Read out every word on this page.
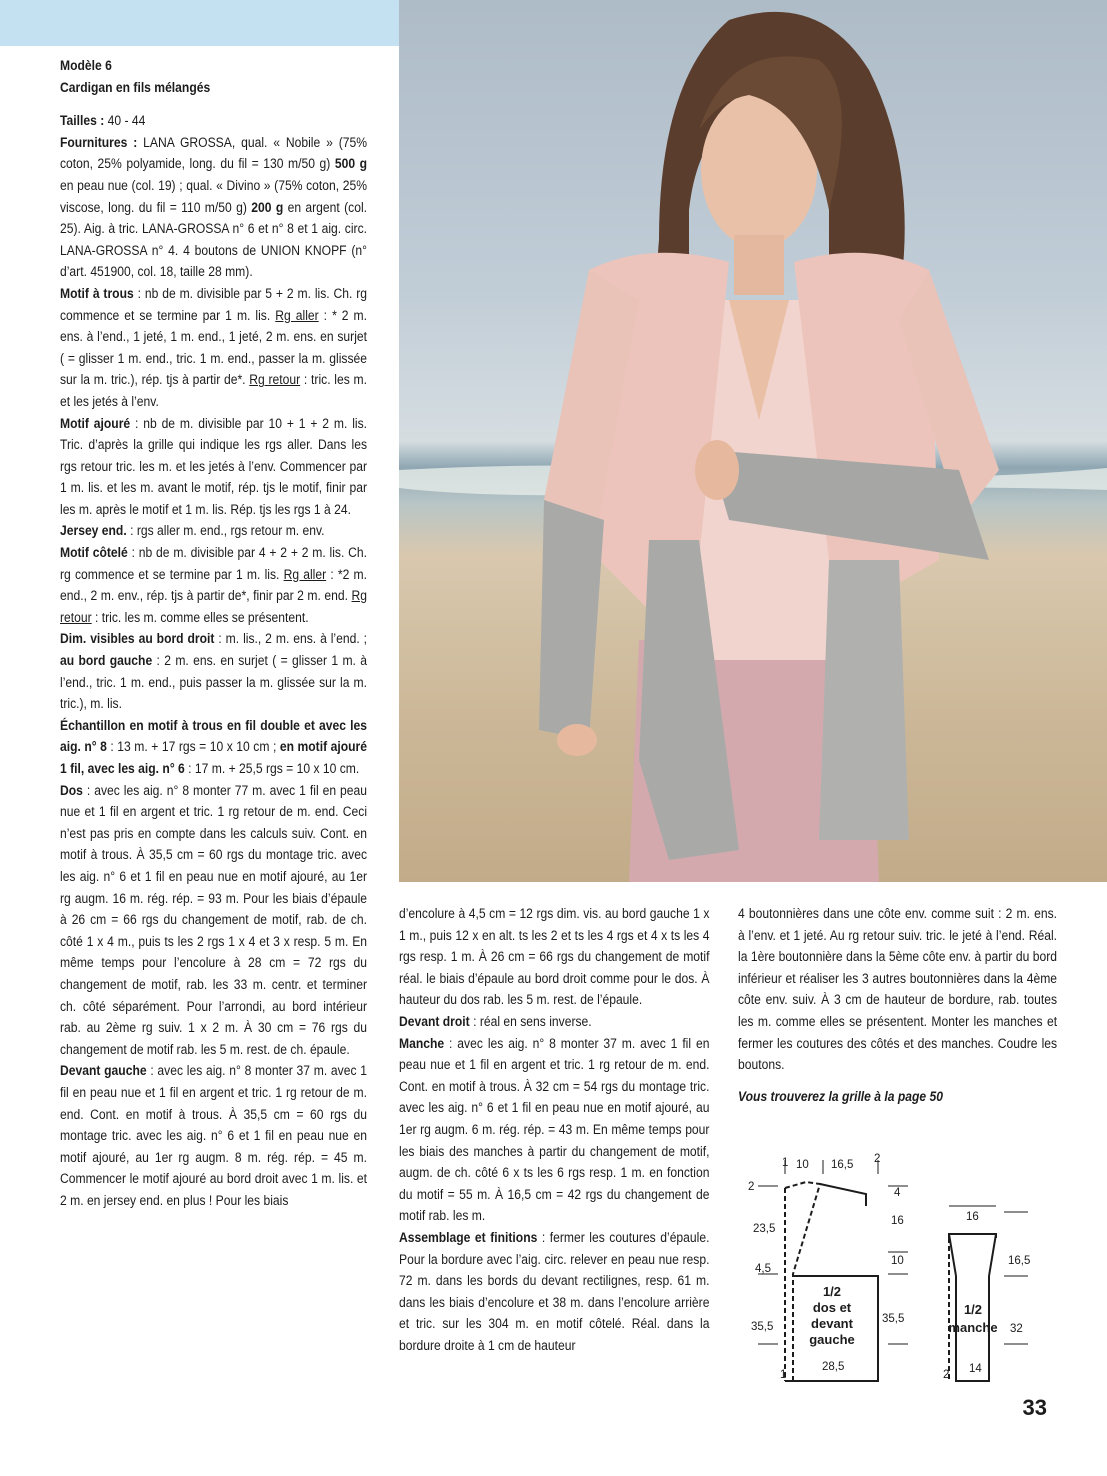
Modèle 6

Cardigan en fils mélangés

Tailles : 40 - 44

Fournitures : LANA GROSSA, qual. « Nobile » (75% coton, 25% polyamide, long. du fil = 130 m/50 g) 500 g en peau nue (col. 19) ; qual. « Divino » (75% coton, 25% viscose, long. du fil = 110 m/50 g) 200 g en argent (col. 25). Aig. à tric. LANA-GROSSA n° 6 et n° 8 et 1 aig. circ. LANA-GROSSA n° 4. 4 boutons de UNION KNOPF (n° d’art. 451900, col. 18, taille 28 mm).

Motif à trous : nb de m. divisible par 5 + 2 m. lis. Ch. rg commence et se termine par 1 m. lis. Rg aller : * 2 m. ens. à l’end., 1 jeté, 1 m. end., 1 jeté, 2 m. ens. en surjet ( = glisser 1 m. end., tric. 1 m. end., passer la m. glissée sur la m. tric.), rép. tjs à partir de*. Rg retour : tric. les m. et les jetés à l’env.

Motif ajouré : nb de m. divisible par 10 + 1 + 2 m. lis. Tric. d’après la grille qui indique les rgs aller. Dans les rgs retour tric. les m. et les jetés à l’env. Commencer par 1 m. lis. et les m. avant le motif, rép. tjs le motif, finir par les m. après le motif et 1 m. lis. Rép. tjs les rgs 1 à 24.

Jersey end. : rgs aller m. end., rgs retour m. env.

Motif côtelé : nb de m. divisible par 4 + 2 + 2 m. lis. Ch. rg commence et se termine par 1 m. lis. Rg aller : *2 m. end., 2 m. env., rép. tjs à partir de*, finir par 2 m. end. Rg retour : tric. les m. comme elles se présentent.

Dim. visibles au bord droit : m. lis., 2 m. ens. à l’end. ; au bord gauche : 2 m. ens. en surjet ( = glisser 1 m. à l’end., tric. 1 m. end., puis passer la m. glissée sur la m. tric.), m. lis.

Échantillon en motif à trous en fil double et avec les aig. n° 8 : 13 m. + 17 rgs = 10 x 10 cm ; en motif ajouré 1 fil, avec les aig. n° 6 : 17 m. + 25,5 rgs = 10 x 10 cm.

Dos : avec les aig. n° 8 monter 77 m. avec 1 fil en peau nue et 1 fil en argent et tric. 1 rg retour de m. end. Ceci n’est pas pris en compte dans les calculs suiv. Cont. en motif à trous. À 35,5 cm = 60 rgs du montage tric. avec les aig. n° 6 et 1 fil en peau nue en motif ajouré, au 1er rg augm. 16 m. rég. rép. = 93 m. Pour les biais d’épaule à 26 cm = 66 rgs du changement de motif, rab. de ch. côté 1 x 4 m., puis ts les 2 rgs 1 x 4 et 3 x resp. 5 m. En même temps pour l’encolure à 28 cm = 72 rgs du changement de motif, rab. les 33 m. centr. et terminer ch. côté séparément. Pour l’arrondi, au bord intérieur rab. au 2ème rg suiv. 1 x 2 m. À 30 cm = 76 rgs du changement de motif rab. les 5 m. rest. de ch. épaule.

Devant gauche : avec les aig. n° 8 monter 37 m. avec 1 fil en peau nue et 1 fil en argent et tric. 1 rg retour de m. end. Cont. en motif à trous. À 35,5 cm = 60 rgs du montage tric. avec les aig. n° 6 et 1 fil en peau nue en motif ajouré, au 1er rg augm. 8 m. rég. rép. = 45 m. Commencer le motif ajouré au bord droit avec 1 m. lis. et 2 m. en jersey end. en plus ! Pour les biais

d’encolure à 4,5 cm = 12 rgs dim. vis. au bord gauche 1 x 1 m., puis 12 x en alt. ts les 2 et ts les 4 rgs et 4 x ts les 4 rgs resp. 1 m. À 26 cm = 66 rgs du changement de motif réal. le biais d’épaule au bord droit comme pour le dos. À hauteur du dos rab. les 5 m. rest. de l’épaule.

Devant droit : réal en sens inverse.

Manche : avec les aig. n° 8 monter 37 m. avec 1 fil en peau nue et 1 fil en argent et tric. 1 rg retour de m. end. Cont. en motif à trous. À 32 cm = 54 rgs du montage tric. avec les aig. n° 6 et 1 fil en peau nue en motif ajouré, au 1er rg augm. 6 m. rég. rép. = 43 m. En même temps pour les biais des manches à partir du changement de motif, augm. de ch. côté 6 x ts les 6 rgs resp. 1 m. en fonction du motif = 55 m. À 16,5 cm = 42 rgs du changement de motif rab. les m.

Assemblage et finitions : fermer les coutures d’épaule. Pour la bordure avec l’aig. circ. relever en peau nue resp. 72 m. dans les bords du devant rectilignes, resp. 61 m. dans les biais d’encolure et 38 m. dans l’encolure arrière et tric. sur les 304 m. en motif côtelé. Réal. dans la bordure droite à 1 cm de hauteur

4 boutonnières dans une côte env. comme suit : 2 m. ens. à l’env. et 1 jeté. Au rg retour suiv. tric. le jeté à l’end. Réal. la 1ère boutonnière dans la 5ème côte env. à partir du bord inférieur et réaliser les 3 autres boutonnières dans la 4ème côte env. suiv. À 3 cm de hauteur de bordure, rab. toutes les m. comme elles se présentent. Monter les manches et fermer les coutures des côtés et des manches. Coudre les boutons.

Vous trouverez la grille à la page 50

1/2
dos et
devant
gauche
1/2
manche
1 10 16,5 2
2
23,5
4,5
35,5
4
16
10
35,5
1
28,5
16
16,5
32
2 14
33
